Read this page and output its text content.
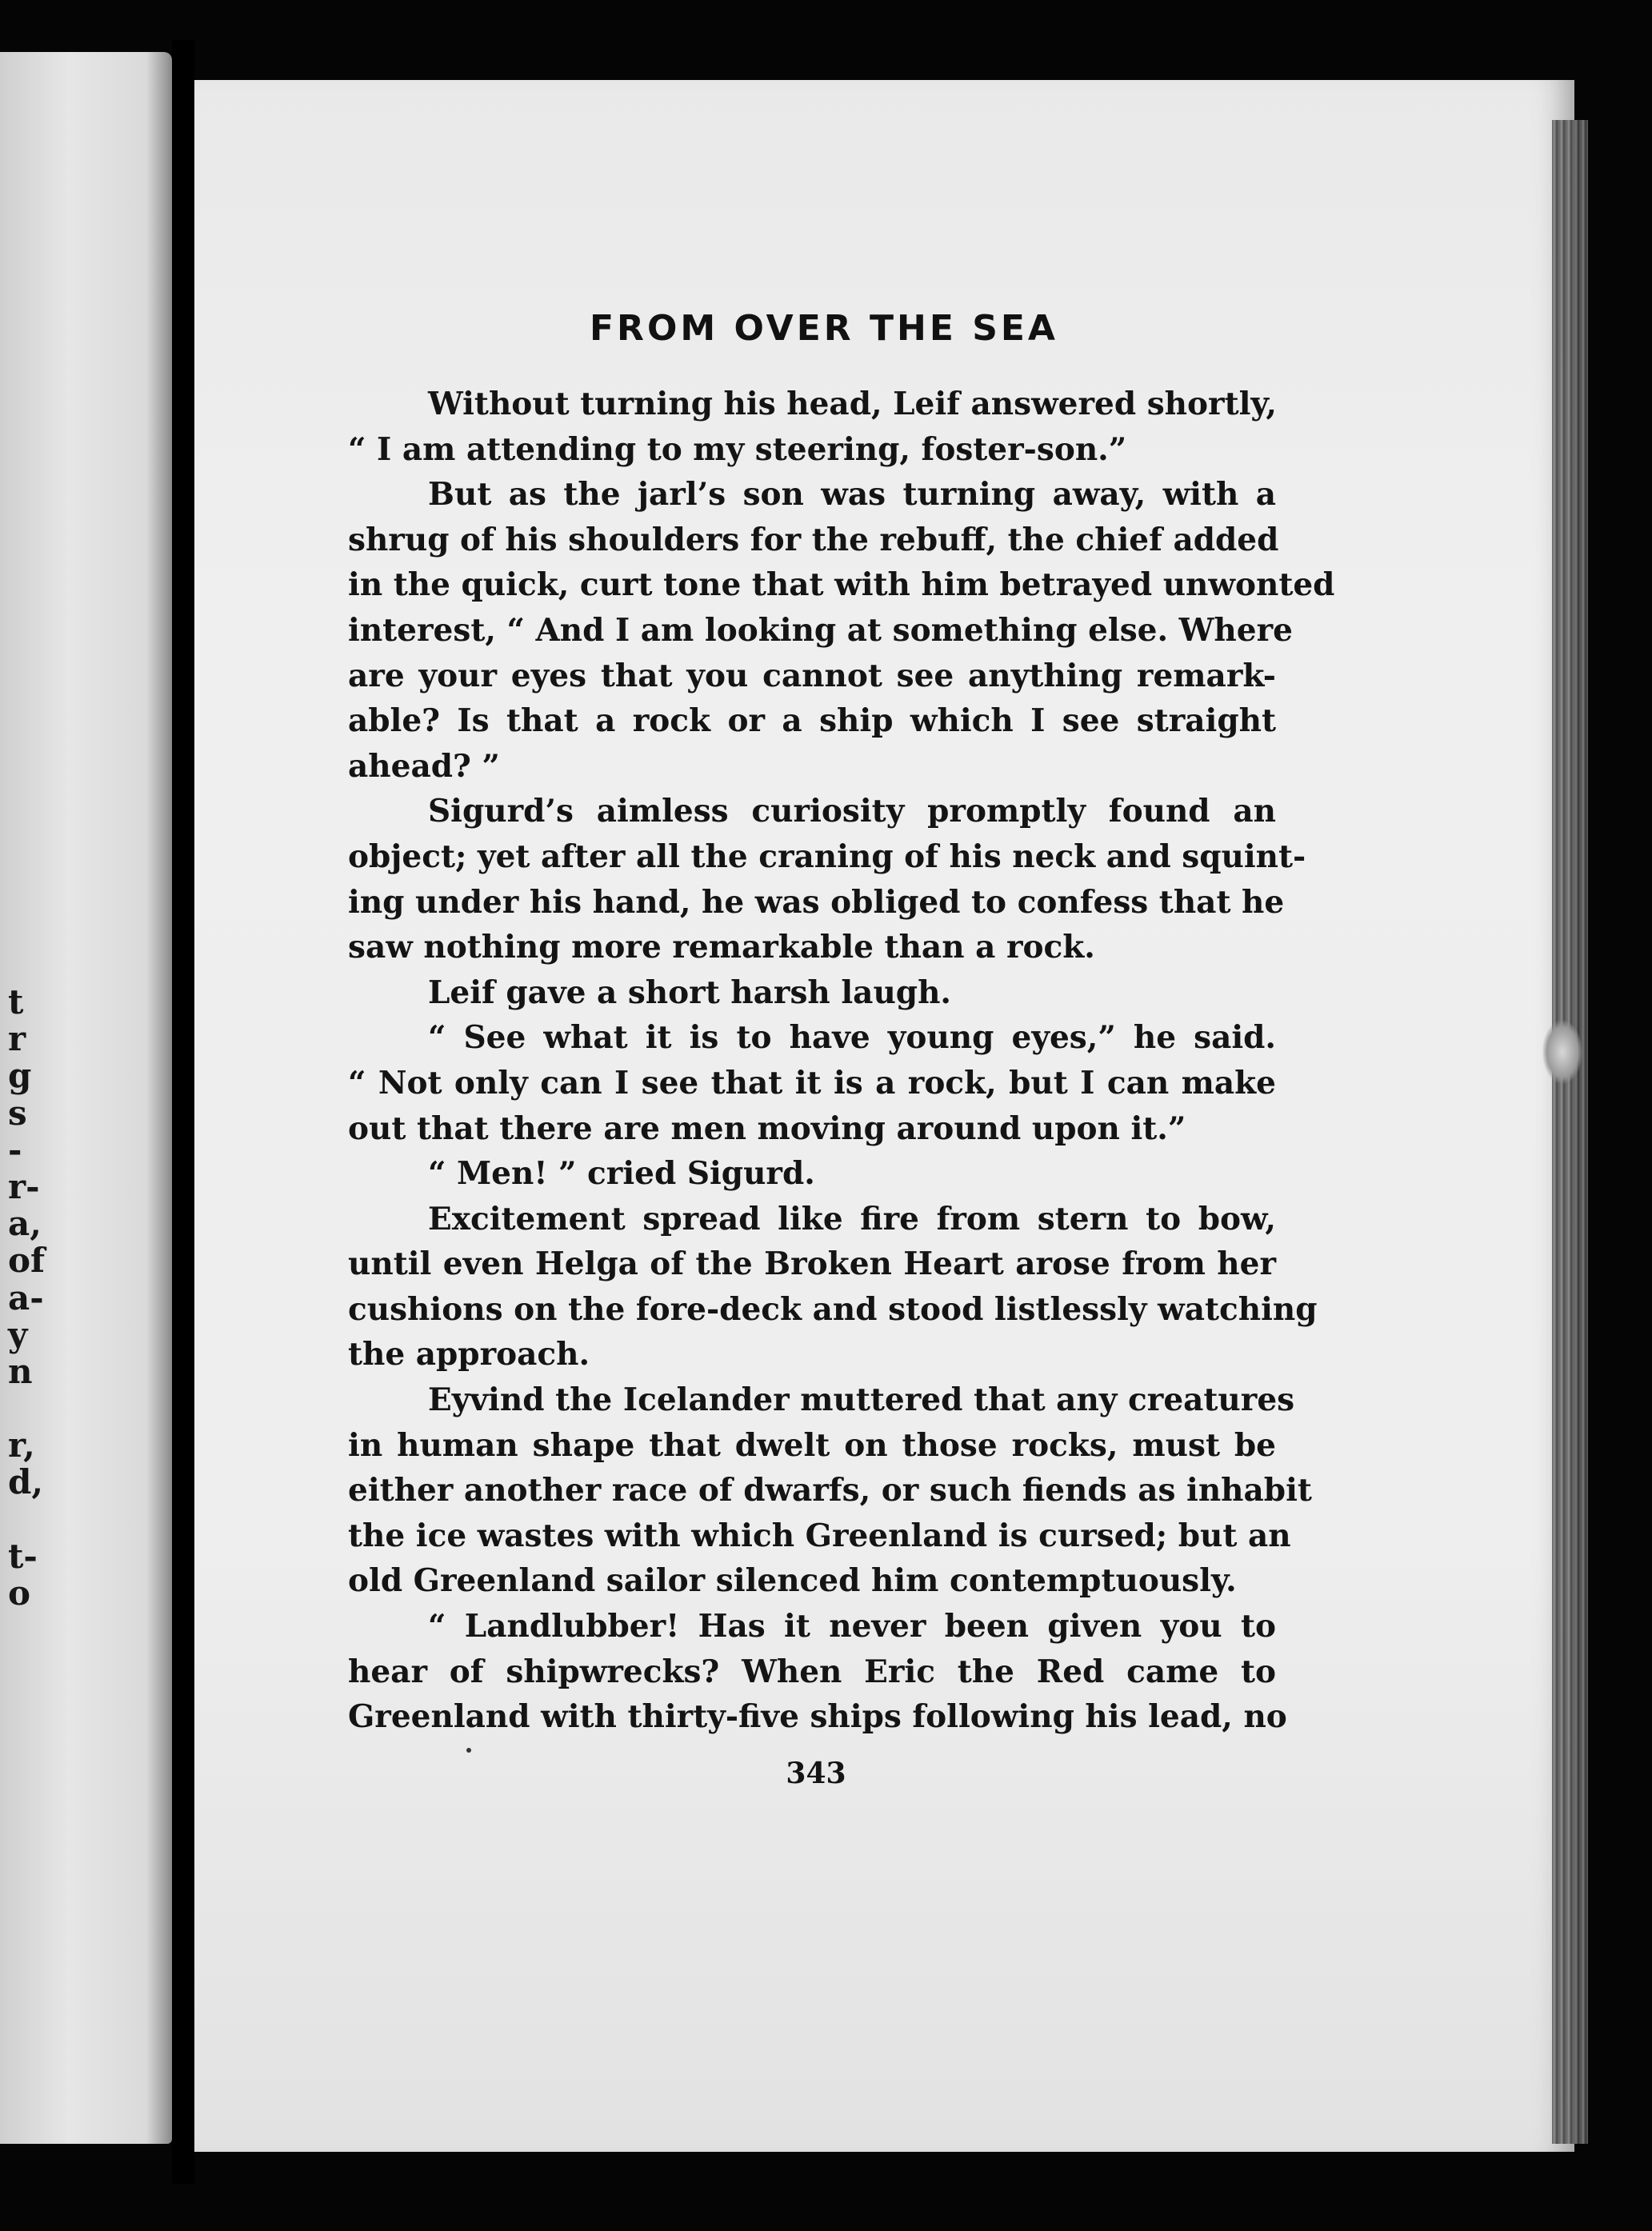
t
r
g
s
-
r-
a,
of
a-
y
n
r,
d,
t-
o
FROM OVER THE SEA
Without turning his head, Leif answered shortly,
“ I am attending to my steering, foster-son.”
But as the jarl’s son was turning away, with a
shrug of his shoulders for the rebuff, the chief added
in the quick, curt tone that with him betrayed unwonted
interest, “ And I am looking at something else. Where
are your eyes that you cannot see anything remark-
able? Is that a rock or a ship which I see straight
ahead? ”
Sigurd’s aimless curiosity promptly found an
object; yet after all the craning of his neck and squint-
ing under his hand, he was obliged to confess that he
saw nothing more remarkable than a rock.
Leif gave a short harsh laugh.
“ See what it is to have young eyes,” he said.
“ Not only can I see that it is a rock, but I can make
out that there are men moving around upon it.”
“ Men! ” cried Sigurd.
Excitement spread like fire from stern to bow,
until even Helga of the Broken Heart arose from her
cushions on the fore-deck and stood listlessly watching
the approach.
Eyvind the Icelander muttered that any creatures
in human shape that dwelt on those rocks, must be
either another race of dwarfs, or such fiends as inhabit
the ice wastes with which Greenland is cursed; but an
old Greenland sailor silenced him contemptuously.
“ Landlubber! Has it never been given you to
hear of shipwrecks? When Eric the Red came to
Greenland with thirty-five ships following his lead, no
343
